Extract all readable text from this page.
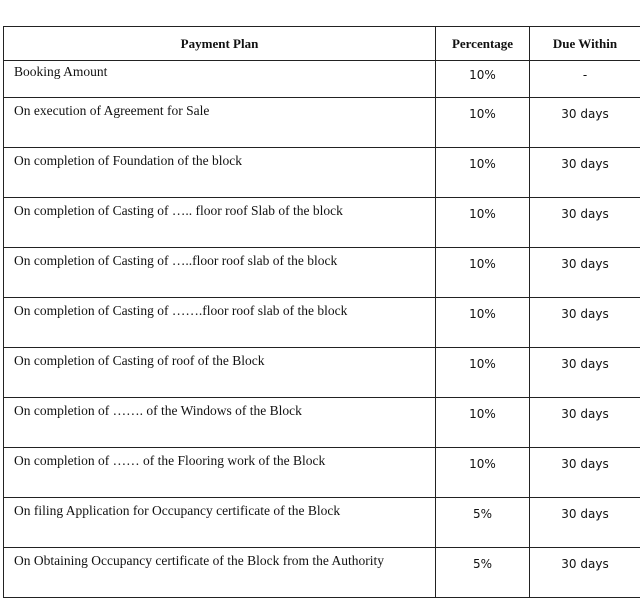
Payment Plan	Percentage	Due Within
Booking Amount	10%	-
On execution of Agreement for Sale	10%	30 days
On completion of Foundation of the block	10%	30 days
On completion of Casting of ….. floor roof Slab of the block	10%	30 days
On completion of Casting of …..floor roof slab of the block	10%	30 days
On completion of Casting of …….floor roof slab of the block	10%	30 days
On completion of Casting of roof of the Block	10%	30 days
On completion of ……. of the Windows of the Block	10%	30 days
On completion of …… of the Flooring work of the Block	10%	30 days
On filing Application for Occupancy certificate of the Block	5%	30 days
On Obtaining Occupancy certificate of the Block from the Authority	5%	30 days
